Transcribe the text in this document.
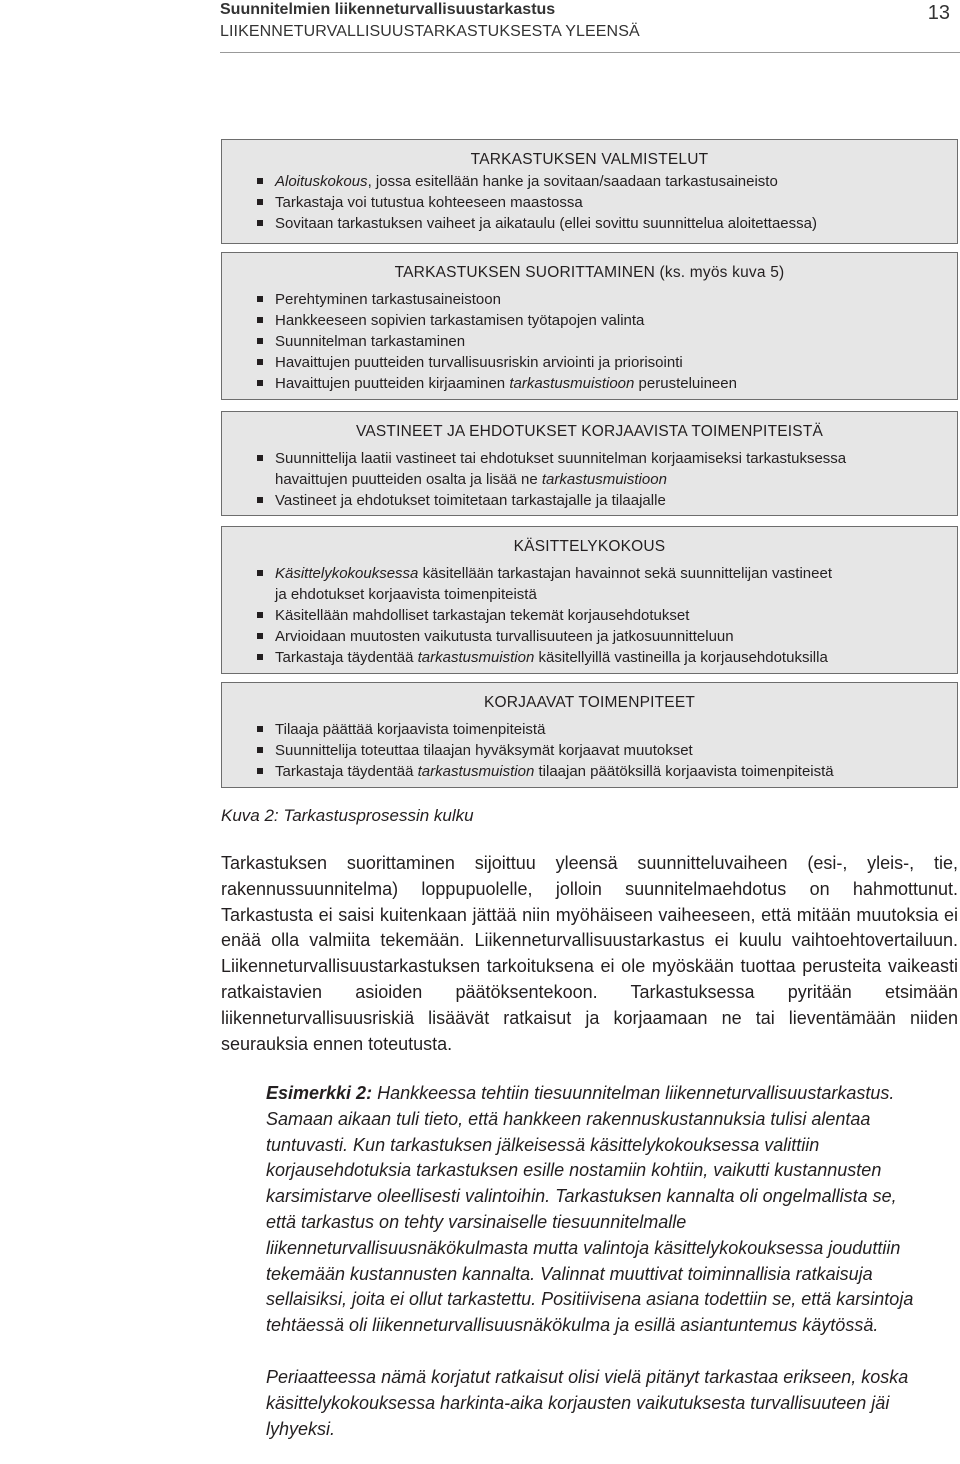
Suunnitelmien liikenneturvallisuustarkastus
LIIKENNETURVALLISUUSTARKASTUKSESTA YLEENSÄ
13
TARKASTUKSEN VALMISTELUT
Aloituskokous, jossa esitellään hanke ja sovitaan/saadaan tarkastusaineisto
Tarkastaja voi tutustua kohteeseen maastossa
Sovitaan tarkastuksen vaiheet ja aikataulu (ellei sovittu suunnittelua aloitettaessa)
TARKASTUKSEN SUORITTAMINEN (ks. myös kuva 5)
Perehtyminen tarkastusaineistoon
Hankkeeseen sopivien tarkastamisen työtapojen valinta
Suunnitelman tarkastaminen
Havaittujen puutteiden turvallisuusriskin arviointi ja priorisointi
Havaittujen puutteiden kirjaaminen tarkastusmuistioon perusteluineen
VASTINEET JA EHDOTUKSET KORJAAVISTA TOIMENPITEISTÄ
Suunnittelija laatii vastineet tai ehdotukset suunnitelman korjaamiseksi tarkastuksessa
havaittujen puutteiden osalta ja lisää ne tarkastusmuistioon
Vastineet ja ehdotukset toimitetaan tarkastajalle ja tilaajalle
KÄSITTELYKOKOUS
Käsittelykokouksessa käsitellään tarkastajan havainnot sekä suunnittelijan vastineet
ja ehdotukset korjaavista toimenpiteistä
Käsitellään mahdolliset tarkastajan tekemät korjausehdotukset
Arvioidaan muutosten vaikutusta turvallisuuteen ja jatkosuunnitteluun
Tarkastaja täydentää tarkastusmuistion käsitellyillä vastineilla ja korjausehdotuksilla
KORJAAVAT TOIMENPITEET
Tilaaja päättää korjaavista toimenpiteistä
Suunnittelija toteuttaa tilaajan hyväksymät korjaavat muutokset
Tarkastaja täydentää tarkastusmuistion tilaajan päätöksillä korjaavista toimenpiteistä
Kuva 2: Tarkastusprosessin kulku
Tarkastuksen suorittaminen sijoittuu yleensä suunnitteluvaiheen (esi-, yleis-, tie, rakennussuunnitelma) loppupuolelle, jolloin suunnitelmaehdotus on hahmottunut. Tarkastusta ei saisi kuitenkaan jättää niin myöhäiseen vaiheeseen, että mitään muutoksia ei enää olla valmiita tekemään. Liikenneturvallisuustarkastus ei kuulu vaihtoehtovertailuun. Liikenneturvallisuustarkastuksen tarkoituksena ei ole myöskään tuottaa perusteita vaikeasti ratkaistavien asioiden päätöksentekoon. Tarkastuksessa pyritään etsimään liikenneturvallisuusriskiä lisäävät ratkaisut ja korjaamaan ne tai lieventämään niiden seurauksia ennen toteutusta.

Esimerkki 2: Hankkeessa tehtiin tiesuunnitelman liikenneturvallisuustarkastus. Samaan aikaan tuli tieto, että hankkeen rakennuskustannuksia tulisi alentaa tuntuvasti. Kun tarkastuksen jälkeisessä käsittelykokouksessa valittiin korjausehdotuksia tarkastuksen esille nostamiin kohtiin, vaikutti kustannusten karsimistarve oleellisesti valintoihin. Tarkastuksen kannalta oli ongelmallista se, että tarkastus on tehty varsinaiselle tiesuunnitelmalle liikenneturvallisuusnäkökulmasta mutta valintoja käsittelykokouksessa jouduttiin tekemään kustannusten kannalta. Valinnat muuttivat toiminnallisia ratkaisuja sellaisiksi, joita ei ollut tarkastettu. Positiivisena asiana todettiin se, että karsintoja tehtäessä oli liikenneturvallisuusnäkökulma ja esillä asiantuntemus käytössä.

Periaatteessa nämä korjatut ratkaisut olisi vielä pitänyt tarkastaa erikseen, koska käsittelykokouksessa harkinta-aika korjausten vaikutuksesta turvallisuuteen jäi lyhyeksi.
